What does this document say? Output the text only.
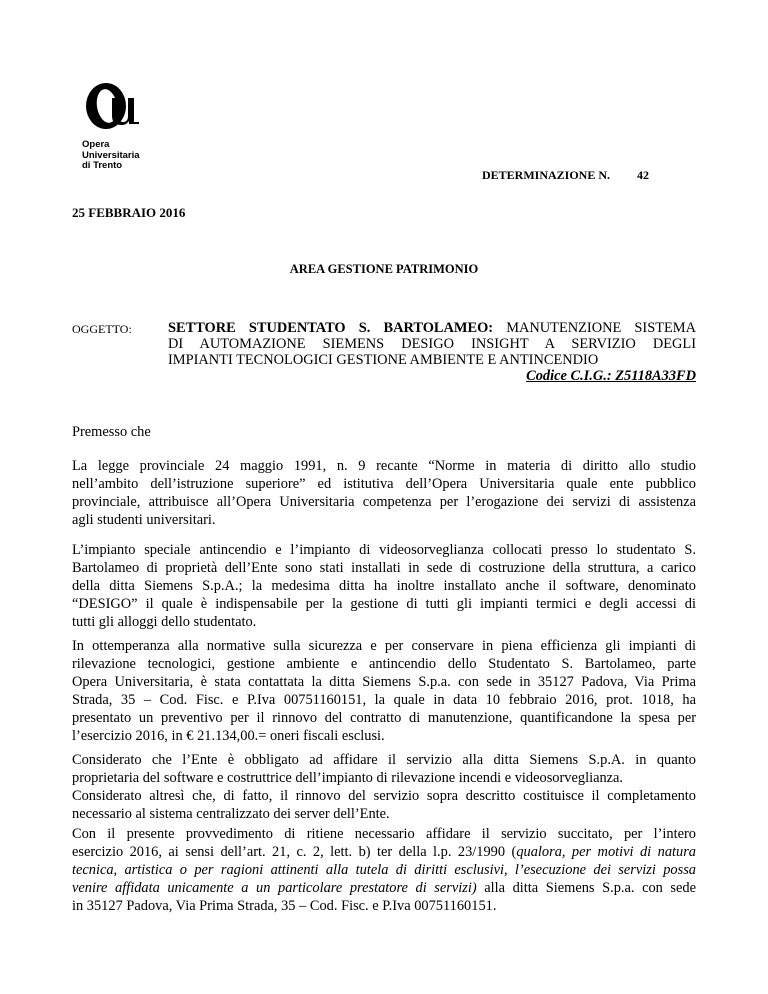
Opera
Universitaria
di Trento
DETERMINAZIONE N. 42
25 FEBBRAIO 2016
AREA GESTIONE PATRIMONIO
OGGETTO:	SETTORE STUDENTATO S. BARTOLAMEO: MANUTENZIONE SISTEMA
DI AUTOMAZIONE SIEMENS DESIGO INSIGHT A SERVIZIO DEGLI
IMPIANTI TECNOLOGICI GESTIONE AMBIENTE E ANTINCENDIO
Codice C.I.G.: Z5118A33FD
Premesso che
La legge provinciale 24 maggio 1991, n. 9 recante “Norme in materia di diritto allo studio
nell’ambito dell’istruzione superiore” ed istitutiva dell’Opera Universitaria quale ente pubblico
provinciale, attribuisce all’Opera Universitaria competenza per l’erogazione dei servizi di assistenza
agli studenti universitari.
L’impianto speciale antincendio e l’impianto di videosorveglianza collocati presso lo studentato S.
Bartolameo di proprietà dell’Ente sono stati installati in sede di costruzione della struttura, a carico
della ditta Siemens S.p.A.; la medesima ditta ha inoltre installato anche il software, denominato
“DESIGO” il quale è indispensabile per la gestione di tutti gli impianti termici e degli accessi di
tutti gli alloggi dello studentato.
In ottemperanza alla normative sulla sicurezza e per conservare in piena efficienza gli impianti di
rilevazione tecnologici, gestione ambiente e antincendio dello Studentato S. Bartolameo, parte
Opera Universitaria, è stata contattata la ditta Siemens S.p.a. con sede in 35127 Padova, Via Prima
Strada, 35 – Cod. Fisc. e P.Iva 00751160151, la quale in data 10 febbraio 2016, prot. 1018, ha
presentato un preventivo per il rinnovo del contratto di manutenzione, quantificandone la spesa per
l’esercizio 2016, in € 21.134,00.= oneri fiscali esclusi.
Considerato che l’Ente è obbligato ad affidare il servizio alla ditta Siemens S.p.A. in quanto
proprietaria del software e costruttrice dell’impianto di rilevazione incendi e videosorveglianza.
Considerato altresì che, di fatto, il rinnovo del servizio sopra descritto costituisce il completamento
necessario al sistema centralizzato dei server dell’Ente.
Con il presente provvedimento di ritiene necessario affidare il servizio succitato, per l’intero
esercizio 2016, ai sensi dell’art. 21, c. 2, lett. b) ter della l.p. 23/1990 (qualora, per motivi di natura
tecnica, artistica o per ragioni attinenti alla tutela di diritti esclusivi, l’esecuzione dei servizi possa
venire affidata unicamente a un particolare prestatore di servizi) alla ditta Siemens S.p.a. con sede
in 35127 Padova, Via Prima Strada, 35 – Cod. Fisc. e P.Iva 00751160151.
